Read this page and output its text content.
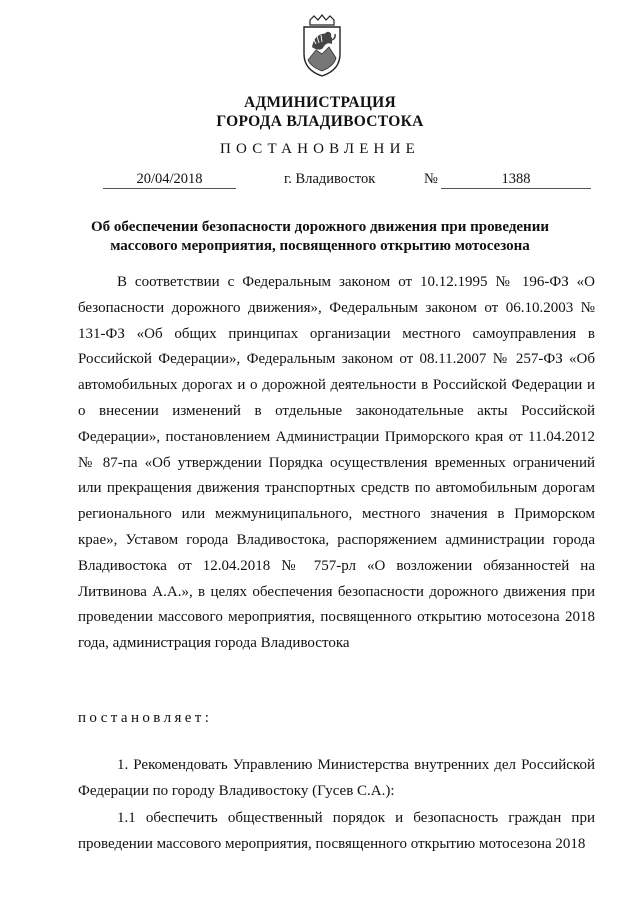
АДМИНИСТРАЦИЯ
ГОРОДА ВЛАДИВОСТОКА
ПОСТАНОВЛЕНИЕ
20/04/2018	г. Владивосток	№	1388
Об обеспечении безопасности дорожного движения при проведении массового мероприятия, посвященного открытию мотосезона

В соответствии с Федеральным законом от 10.12.1995 № 196-ФЗ «О безопасности дорожного движения», Федеральным законом от 06.10.2003 № 131-ФЗ «Об общих принципах организации местного самоуправления в Российской Федерации», Федеральным законом от 08.11.2007 № 257-ФЗ «Об автомобильных дорогах и о дорожной деятельности в Российской Федерации и о внесении изменений в отдельные законодательные акты Российской Федерации», постановлением Администрации Приморского края от 11.04.2012 № 87-па «Об утверждении Порядка осуществления временных ограничений или прекращения движения транспортных средств по автомобильным дорогам регионального или межмуниципального, местного значения в Приморском крае», Уставом города Владивостока, распоряжением администрации города Владивостока от 12.04.2018 № 757-рл «О возложении обязанностей на Литвинова А.А.», в целях обеспечения безопасности дорожного движения при проведении массового мероприятия, посвященного открытию мотосезона 2018 года, администрация города Владивостока

постановляет:

1. Рекомендовать Управлению Министерства внутренних дел Российской Федерации по городу Владивостоку (Гусев С.А.):

1.1 обеспечить общественный порядок и безопасность граждан при проведении массового мероприятия, посвященного открытию мотосезона 2018
